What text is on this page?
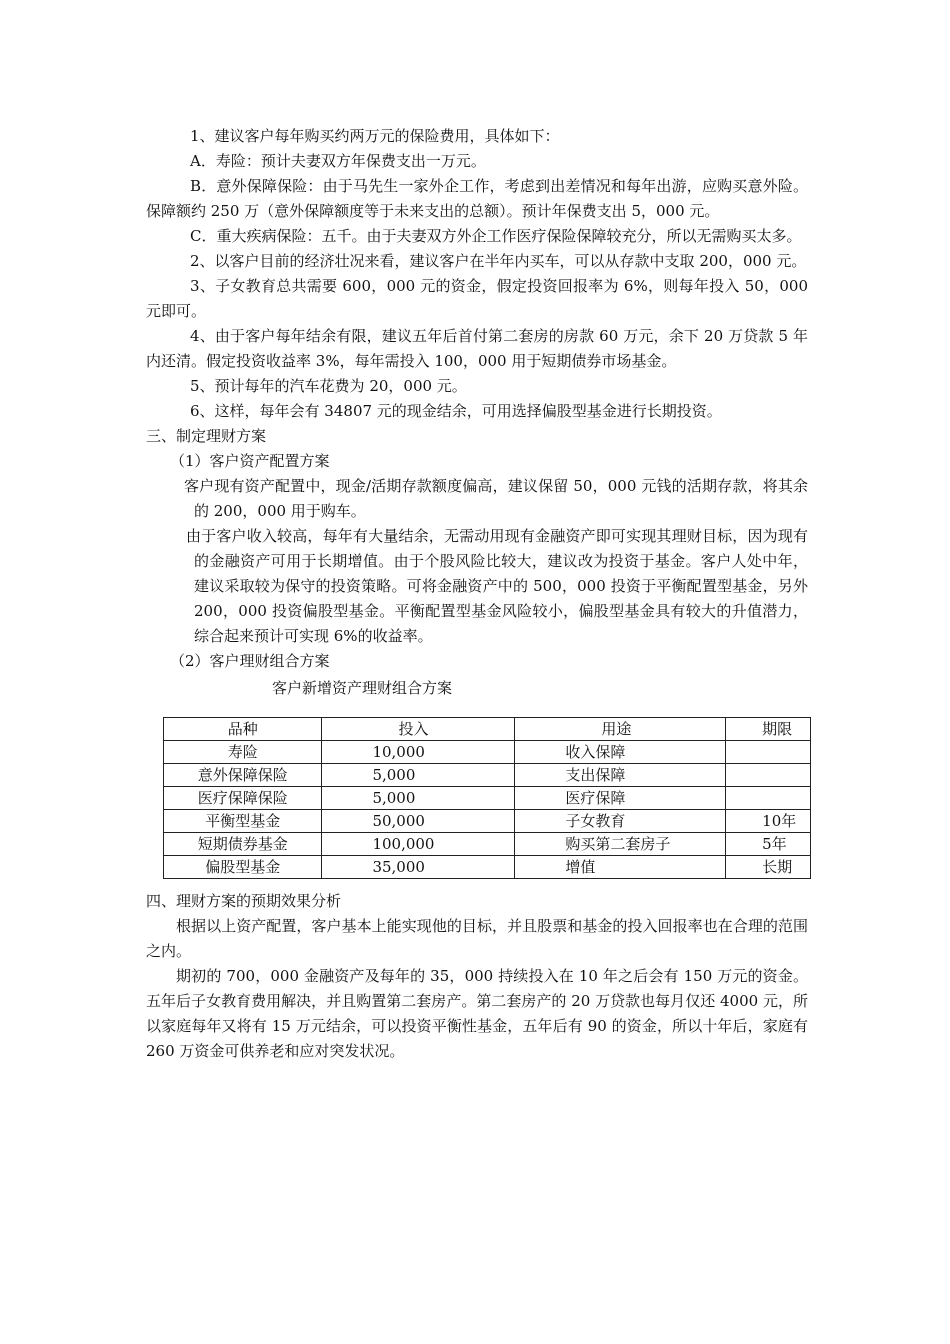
1、建议客户每年购买约两万元的保险费用，具体如下：

A．寿险：预计夫妻双方年保费支出一万元。

B．意外保障保险：由于马先生一家外企工作，考虑到出差情况和每年出游，应购买意外险。保障额约 250 万（意外保障额度等于未来支出的总额）。预计年保费支出 5，000 元。

C．重大疾病保险：五千。由于夫妻双方外企工作医疗保险保障较充分，所以无需购买太多。

2、以客户目前的经济壮况来看，建议客户在半年内买车，可以从存款中支取 200，000 元。

3、子女教育总共需要 600，000 元的资金，假定投资回报率为 6%，则每年投入 50，000 元即可。

4、由于客户每年结余有限，建议五年后首付第二套房的房款 60 万元，余下 20 万贷款 5 年内还清。假定投资收益率 3%，每年需投入 100，000 用于短期债券市场基金。

5、预计每年的汽车花费为 20，000 元。

6、这样，每年会有 34807 元的现金结余，可用选择偏股型基金进行长期投资。

三、制定理财方案

（1）客户资产配置方案

客户现有资产配置中，现金/活期存款额度偏高，建议保留 50，000 元钱的活期存款，将其余的 200，000 用于购车。

由于客户收入较高，每年有大量结余，无需动用现有金融资产即可实现其理财目标，因为现有的金融资产可用于长期增值。由于个股风险比较大，建议改为投资于基金。客户人处中年，建议采取较为保守的投资策略。可将金融资产中的 500，000 投资于平衡配置型基金，另外 200，000 投资偏股型基金。平衡配置型基金风险较小，偏股型基金具有较大的升值潜力，综合起来预计可实现 6%的收益率。

（2）客户理财组合方案

客户新增资产理财组合方案

品种	投入	用途	期限
寿险	10,000	收入保障	
意外保障保险	5,000	支出保障	
医疗保障保险	5,000	医疗保障	
平衡型基金	50,000	子女教育	10年
短期债券基金	100,000	购买第二套房子	5年
偏股型基金	35,000	增值	长期

四、理财方案的预期效果分析

根据以上资产配置，客户基本上能实现他的目标，并且股票和基金的投入回报率也在合理的范围之内。

期初的 700，000 金融资产及每年的 35，000 持续投入在 10 年之后会有 150 万元的资金。五年后子女教育费用解决，并且购置第二套房产。第二套房产的 20 万贷款也每月仅还 4000 元，所以家庭每年又将有 15 万元结余，可以投资平衡性基金，五年后有 90 的资金，所以十年后，家庭有 260 万资金可供养老和应对突发状况。
